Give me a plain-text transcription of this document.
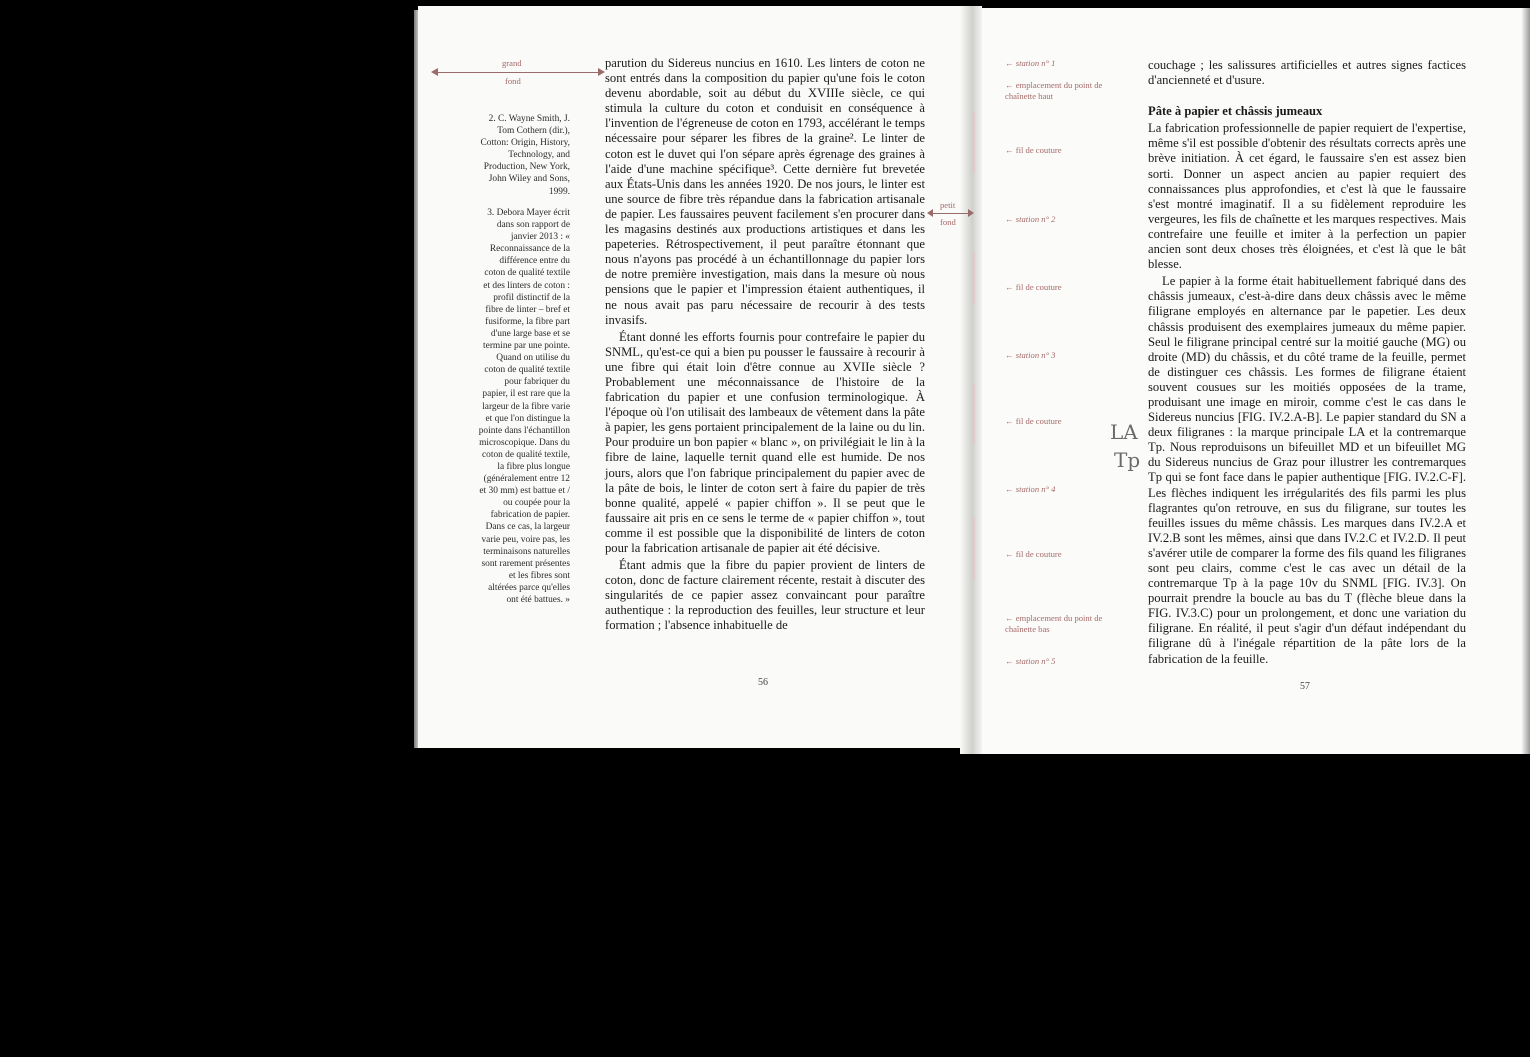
grand
fond
2. C. Wayne Smith, J. Tom Cothern (dir.), Cotton: Origin, History, Technology, and Production, New York, John Wiley and Sons, 1999.
3. Debora Mayer écrit dans son rapport de janvier 2013 : « Reconnaissance de la différence entre du coton de qualité textile et des linters de coton : profil distinctif de la fibre de linter – bref et fusiforme, la fibre part d'une large base et se termine par une pointe. Quand on utilise du coton de qualité textile pour fabriquer du papier, il est rare que la largeur de la fibre varie et que l'on distingue la pointe dans l'échantillon microscopique. Dans du coton de qualité textile, la fibre plus longue (généralement entre 12 et 30 mm) est battue et / ou coupée pour la fabrication de papier. Dans ce cas, la largeur varie peu, voire pas, les terminaisons naturelles sont rarement présentes et les fibres sont altérées parce qu'elles ont été battues. »

parution du Sidereus nuncius en 1610. Les linters de coton ne sont entrés dans la composition du papier qu'une fois le coton devenu abordable, soit au début du XVIIIe siècle, ce qui stimula la culture du coton et conduisit en conséquence à l'invention de l'égreneuse de coton en 1793, accélérant le temps nécessaire pour séparer les fibres de la graine². Le linter de coton est le duvet qui l'on sépare après égrenage des graines à l'aide d'une machine spécifique³. Cette dernière fut brevetée aux États-Unis dans les années 1920. De nos jours, le linter est une source de fibre très répandue dans la fabrication artisanale de papier. Les faussaires peuvent facilement s'en procurer dans les magasins destinés aux productions artistiques et dans les papeteries. Rétrospectivement, il peut paraître étonnant que nous n'ayons pas procédé à un échantillonnage du papier lors de notre première investigation, mais dans la mesure où nous pensions que le papier et l'impression étaient authentiques, il ne nous avait pas paru nécessaire de recourir à des tests invasifs.

Étant donné les efforts fournis pour contrefaire le papier du SNML, qu'est-ce qui a bien pu pousser le faussaire à recourir à une fibre qui était loin d'être connue au XVIIe siècle ? Probablement une méconnaissance de l'histoire de la fabrication du papier et une confusion terminologique. À l'époque où l'on utilisait des lambeaux de vêtement dans la pâte à papier, les gens portaient principalement de la laine ou du lin. Pour produire un bon papier « blanc », on privilégiait le lin à la fibre de laine, laquelle ternit quand elle est humide. De nos jours, alors que l'on fabrique principalement du papier avec de la pâte de bois, le linter de coton sert à faire du papier de très bonne qualité, appelé « papier chiffon ». Il se peut que le faussaire ait pris en ce sens le terme de « papier chiffon », tout comme il est possible que la disponibilité de linters de coton pour la fabrication artisanale de papier ait été décisive.

Étant admis que la fibre du papier provient de linters de coton, donc de facture clairement récente, restait à discuter des singularités de ce papier assez convaincant pour paraître authentique : la reproduction des feuilles, leur structure et leur formation ; l'absence inhabituelle de

56
petit
fond
← station n° 1
← emplacement du point de chaînette haut
← fil de couture
← station n° 2
← fil de couture
← station n° 3
← fil de couture
← station n° 4
← fil de couture
← emplacement du point de chaînette bas
← station n° 5
LA
Tp

couchage ; les salissures artificielles et autres signes factices d'ancienneté et d'usure.

Pâte à papier et châssis jumeaux

La fabrication professionnelle de papier requiert de l'expertise, même s'il est possible d'obtenir des résultats corrects après une brève initiation. À cet égard, le faussaire s'en est assez bien sorti. Donner un aspect ancien au papier requiert des connaissances plus approfondies, et c'est là que le faussaire s'est montré imaginatif. Il a su fidèlement reproduire les vergeures, les fils de chaînette et les marques respectives. Mais contrefaire une feuille et imiter à la perfection un papier ancien sont deux choses très éloignées, et c'est là que le bât blesse.

Le papier à la forme était habituellement fabriqué dans des châssis jumeaux, c'est-à-dire dans deux châssis avec le même filigrane employés en alternance par le papetier. Les deux châssis produisent des exemplaires jumeaux du même papier. Seul le filigrane principal centré sur la moitié gauche (MG) ou droite (MD) du châssis, et du côté trame de la feuille, permet de distinguer ces châssis. Les formes de filigrane étaient souvent cousues sur les moitiés opposées de la trame, produisant une image en miroir, comme c'est le cas dans le Sidereus nuncius [FIG. IV.2.A-B]. Le papier standard du SN a deux filigranes : la marque principale LA et la contremarque Tp. Nous reproduisons un bifeuillet MD et un bifeuillet MG du Sidereus nuncius de Graz pour illustrer les contremarques Tp qui se font face dans le papier authentique [FIG. IV.2.C-F]. Les flèches indiquent les irrégularités des fils parmi les plus flagrantes qu'on retrouve, en sus du filigrane, sur toutes les feuilles issues du même châssis. Les marques dans IV.2.A et IV.2.B sont les mêmes, ainsi que dans IV.2.C et IV.2.D. Il peut s'avérer utile de comparer la forme des fils quand les filigranes sont peu clairs, comme c'est le cas avec un détail de la contremarque Tp à la page 10v du SNML [FIG. IV.3]. On pourrait prendre la boucle au bas du T (flèche bleue dans la FIG. IV.3.C) pour un prolongement, et donc une variation du filigrane. En réalité, il peut s'agir d'un défaut indépendant du filigrane dû à l'inégale répartition de la pâte lors de la fabrication de la feuille.

57
